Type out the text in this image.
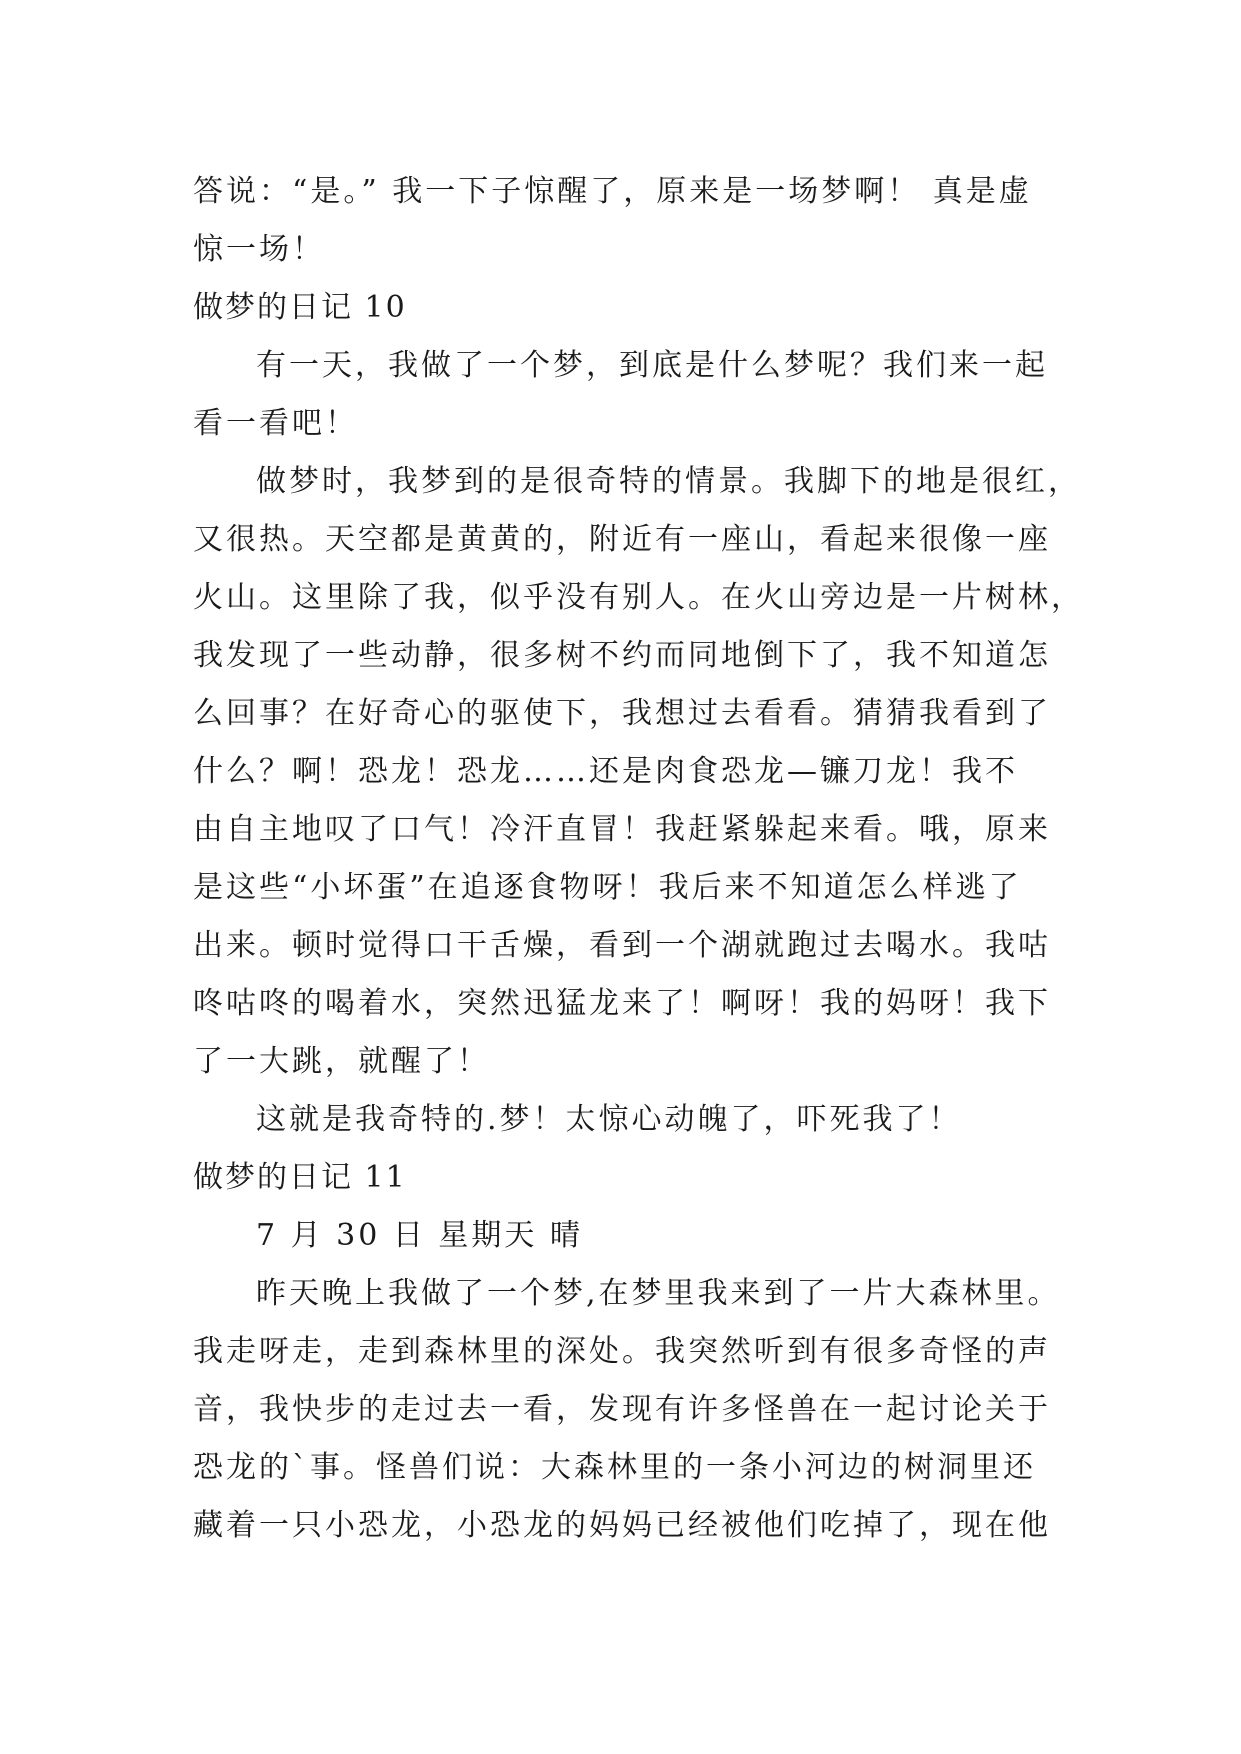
答说：“是。” 我一下子惊醒了，原来是一场梦啊！ 真是虚

惊一场！

做梦的日记 10

有一天，我做了一个梦，到底是什么梦呢？我们来一起

看一看吧！

做梦时，我梦到的是很奇特的情景。我脚下的地是很红，

又很热。天空都是黄黄的，附近有一座山，看起来很像一座

火山。这里除了我，似乎没有别人。在火山旁边是一片树林，

我发现了一些动静，很多树不约而同地倒下了，我不知道怎

么回事？在好奇心的驱使下，我想过去看看。猜猜我看到了

什么？啊！恐龙！恐龙……还是肉食恐龙—镰刀龙！我不

由自主地叹了口气！冷汗直冒！我赶紧躲起来看。哦，原来

是这些“小坏蛋”在追逐食物呀！我后来不知道怎么样逃了

出来。顿时觉得口干舌燥，看到一个湖就跑过去喝水。我咕

咚咕咚的喝着水，突然迅猛龙来了！啊呀！我的妈呀！我下

了一大跳，就醒了！

这就是我奇特的.梦！太惊心动魄了，吓死我了！

做梦的日记 11

7 月 30 日 星期天 晴

昨天晚上我做了一个梦,在梦里我来到了一片大森林里。

我走呀走，走到森林里的深处。我突然听到有很多奇怪的声

音，我快步的走过去一看，发现有许多怪兽在一起讨论关于

恐龙的`事。怪兽们说：大森林里的一条小河边的树洞里还

藏着一只小恐龙，小恐龙的妈妈已经被他们吃掉了，现在他
